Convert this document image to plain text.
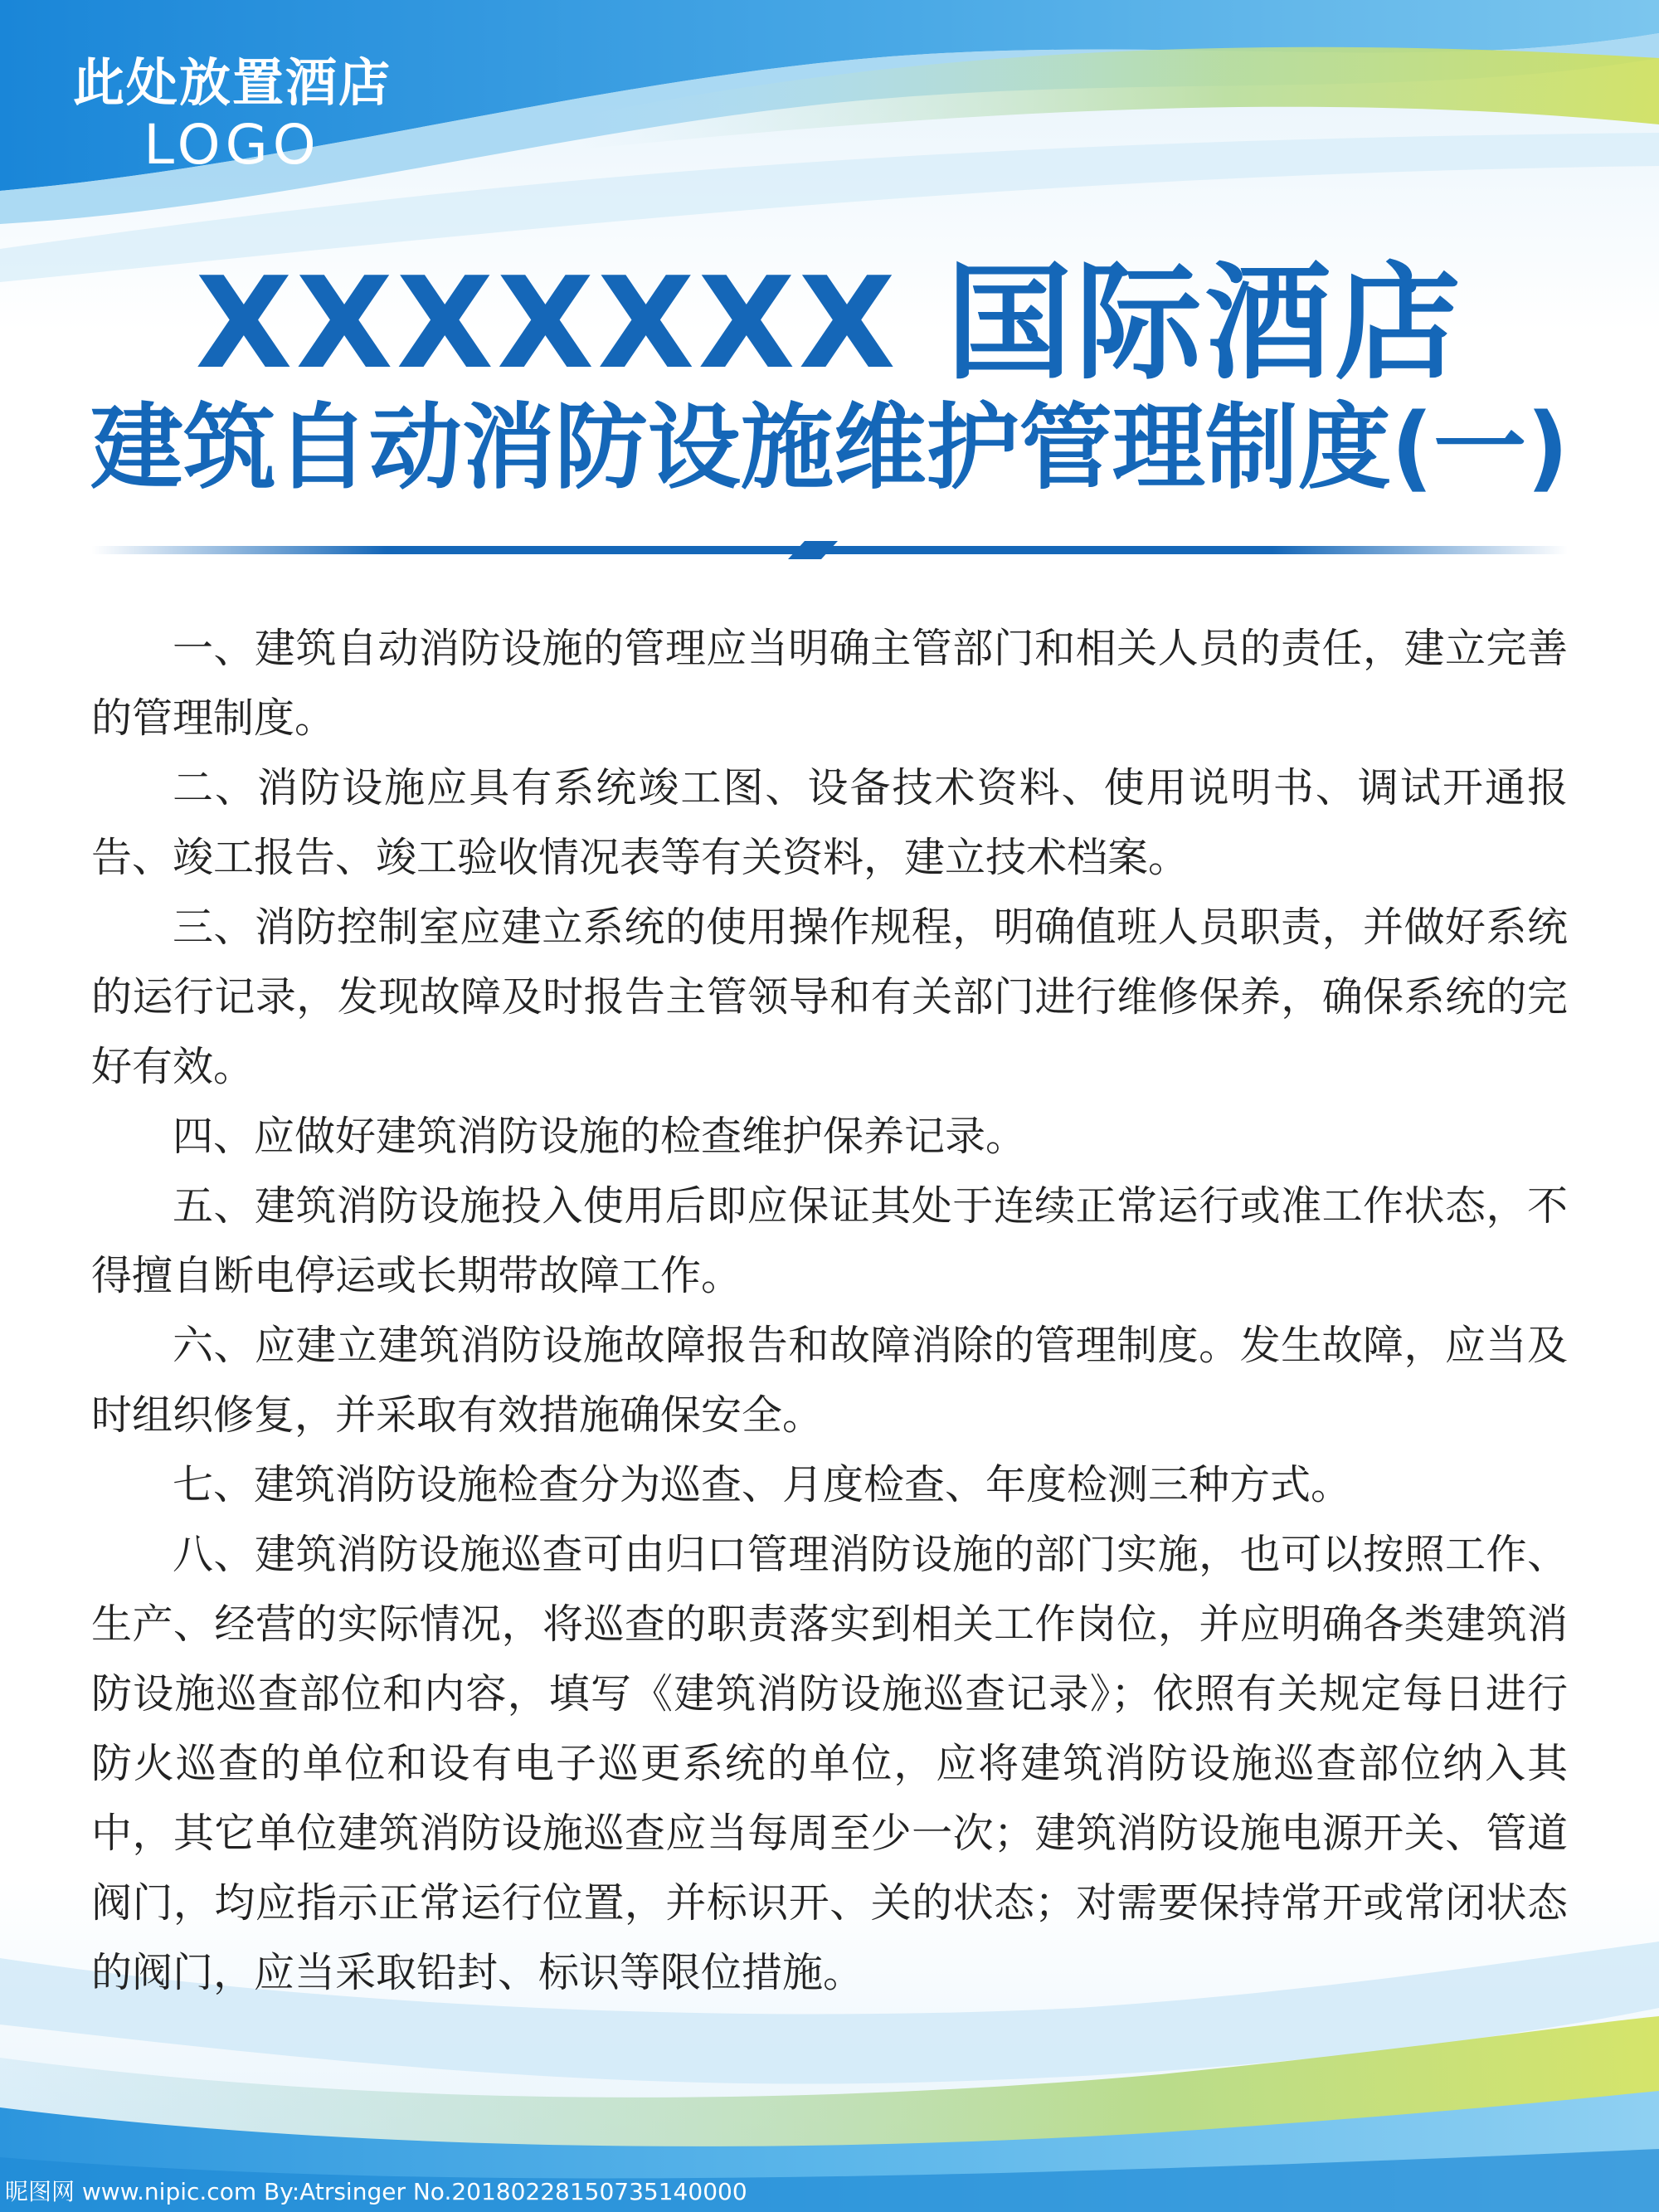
此处放置酒店
LOGO
XXXXXXX 国际酒店
建筑自动消防设施维护管理制度(一)

一、建筑自动消防设施的管理应当明确主管部门和相关人员的责任，建立完善的管理制度。

二、消防设施应具有系统竣工图、设备技术资料、使用说明书、调试开通报告、竣工报告、竣工验收情况表等有关资料，建立技术档案。

三、消防控制室应建立系统的使用操作规程，明确值班人员职责，并做好系统的运行记录，发现故障及时报告主管领导和有关部门进行维修保养，确保系统的完好有效。

四、应做好建筑消防设施的检查维护保养记录。

五、建筑消防设施投入使用后即应保证其处于连续正常运行或准工作状态，不得擅自断电停运或长期带故障工作。

六、应建立建筑消防设施故障报告和故障消除的管理制度。发生故障，应当及时组织修复，并采取有效措施确保安全。

七、建筑消防设施检查分为巡查、月度检查、年度检测三种方式。

八、建筑消防设施巡查可由归口管理消防设施的部门实施，也可以按照工作、生产、经营的实际情况，将巡查的职责落实到相关工作岗位，并应明确各类建筑消防设施巡查部位和内容，填写《建筑消防设施巡查记录》；依照有关规定每日进行防火巡查的单位和设有电子巡更系统的单位，应将建筑消防设施巡查部位纳入其中，其它单位建筑消防设施巡查应当每周至少一次；建筑消防设施电源开关、管道阀门，均应指示正常运行位置，并标识开、关的状态；对需要保持常开或常闭状态的阀门，应当采取铅封、标识等限位措施。

昵图网 www.nipic.com By:Atrsinger No.20180228150735140000
